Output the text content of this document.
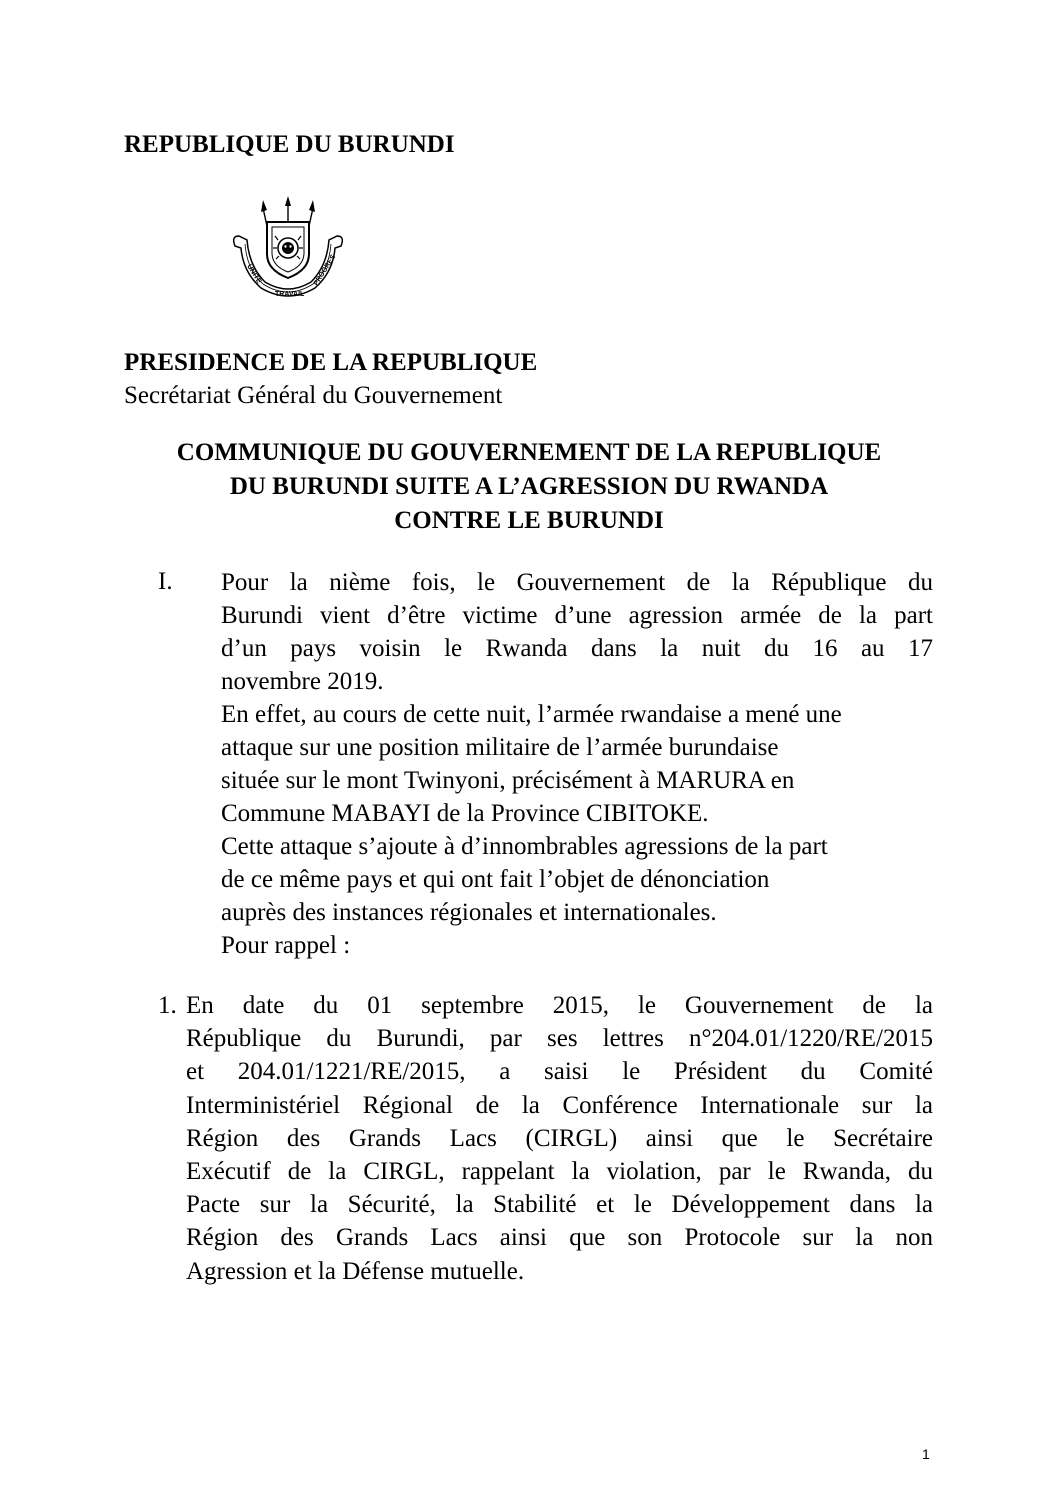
REPUBLIQUE DU BURUNDI
UNITE
TRAVAIL
PROGRES
UNITE – TRAVAIL – PROGRES
PRESIDENCE DE LA REPUBLIQUE
Secrétariat Général du Gouvernement
COMMUNIQUE DU GOUVERNEMENT DE LA REPUBLIQUE
DU BURUNDI SUITE A L’AGRESSION DU RWANDA
CONTRE LE BURUNDI
I. Pour la nième fois, le Gouvernement de la République du
Burundi vient d’être victime d’une agression armée de la part
d’un pays voisin le Rwanda dans la nuit du 16 au 17
novembre 2019.
En effet, au cours de cette nuit, l’armée rwandaise a mené une
attaque sur une position militaire de l’armée burundaise
située sur le mont Twinyoni, précisément à MARURA en
Commune MABAYI de la Province CIBITOKE.
Cette attaque s’ajoute à d’innombrables agressions de la part
de ce même pays et qui ont fait l’objet de dénonciation
auprès des instances régionales et internationales.
Pour rappel :
1. En date du 01 septembre 2015, le Gouvernement de la
République du Burundi, par ses lettres n°204.01/1220/RE/2015
et 204.01/1221/RE/2015, a saisi le Président du Comité
Interministériel Régional de la Conférence Internationale sur la
Région des Grands Lacs (CIRGL) ainsi que le Secrétaire
Exécutif de la CIRGL, rappelant la violation, par le Rwanda, du
Pacte sur la Sécurité, la Stabilité et le Développement dans la
Région des Grands Lacs ainsi que son Protocole sur la non
Agression et la Défense mutuelle.
1
